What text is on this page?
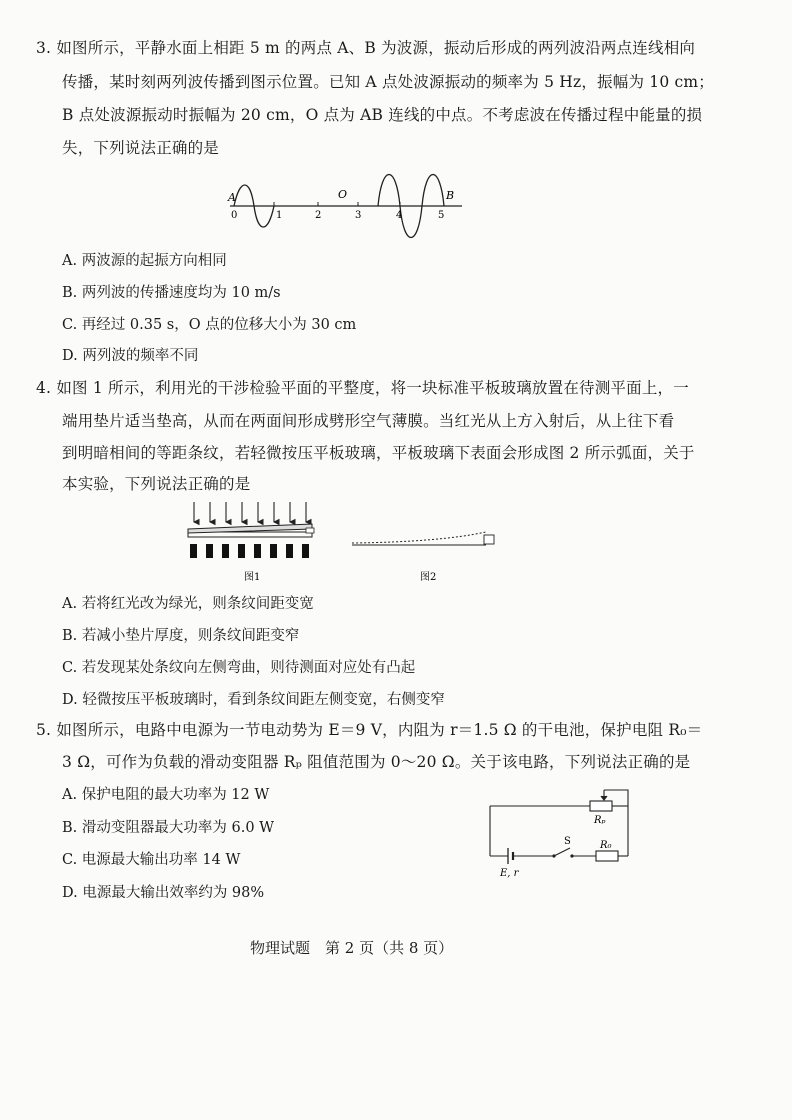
3. 如图所示，平静水面上相距 5 m 的两点 A、B 为波源，振动后形成的两列波沿两点连线相向
传播，某时刻两列波传播到图示位置。已知 A 点处波源振动的频率为 5 Hz，振幅为 10 cm；
B 点处波源振动时振幅为 20 cm，O 点为 AB 连线的中点。不考虑波在传播过程中能量的损
失，下列说法正确的是
A	O	B
0	1	2	3	4	5
A. 两波源的起振方向相同
B. 两列波的传播速度均为 10 m/s
C. 再经过 0.35 s，O 点的位移大小为 30 cm
D. 两列波的频率不同
4. 如图 1 所示，利用光的干涉检验平面的平整度，将一块标准平板玻璃放置在待测平面上，一
端用垫片适当垫高，从而在两面间形成劈形空气薄膜。当红光从上方入射后，从上往下看
到明暗相间的等距条纹，若轻微按压平板玻璃，平板玻璃下表面会形成图 2 所示弧面，关于
本实验，下列说法正确的是
图1	图2
A. 若将红光改为绿光，则条纹间距变宽
B. 若减小垫片厚度，则条纹间距变窄
C. 若发现某处条纹向左侧弯曲，则待测面对应处有凸起
D. 轻微按压平板玻璃时，看到条纹间距左侧变宽，右侧变窄
5. 如图所示，电路中电源为一节电动势为 E＝9 V，内阻为 r＝1.5 Ω 的干电池，保护电阻 R₀＝
3 Ω，可作为负载的滑动变阻器 Rₚ 阻值范围为 0～20 Ω。关于该电路，下列说法正确的是
A. 保护电阻的最大功率为 12 W
B. 滑动变阻器最大功率为 6.0 W
C. 电源最大输出功率 14 W
D. 电源最大输出效率约为 98%
Rₚ
S	R₀
E, r
物理试题　第 2 页（共 8 页）
